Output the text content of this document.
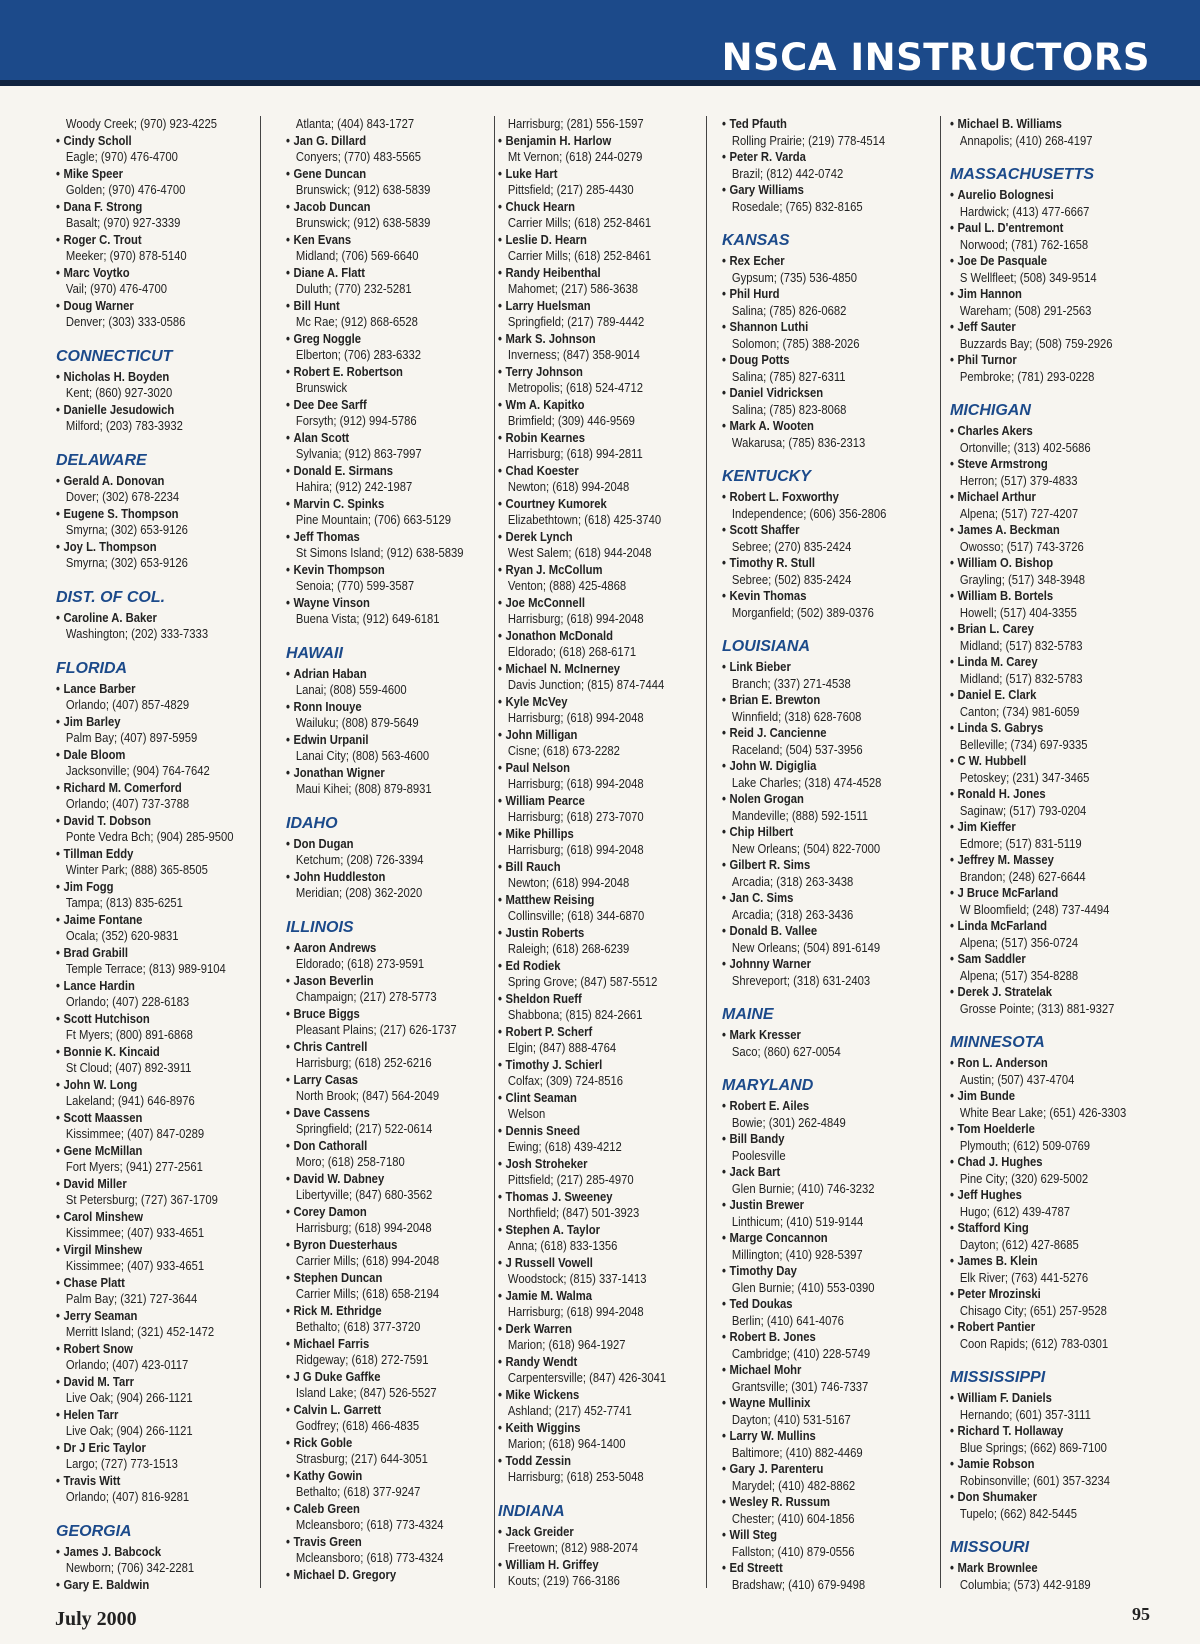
NSCA INSTRUCTORS
Woody Creek; (970) 923-4225
• Cindy Scholl
Eagle; (970) 476-4700
• Mike Speer
Golden; (970) 476-4700
• Dana F. Strong
Basalt; (970) 927-3339
• Roger C. Trout
Meeker; (970) 878-5140
• Marc Voytko
Vail; (970) 476-4700
• Doug Warner
Denver; (303) 333-0586
CONNECTICUT
• Nicholas H. Boyden
Kent; (860) 927-3020
• Danielle Jesudowich
Milford; (203) 783-3932
DELAWARE
• Gerald A. Donovan
Dover; (302) 678-2234
• Eugene S. Thompson
Smyrna; (302) 653-9126
• Joy L. Thompson
Smyrna; (302) 653-9126
DIST. OF COL.
• Caroline A. Baker
Washington; (202) 333-7333
FLORIDA
• Lance Barber
Orlando; (407) 857-4829
• Jim Barley
Palm Bay; (407) 897-5959
• Dale Bloom
Jacksonville; (904) 764-7642
• Richard M. Comerford
Orlando; (407) 737-3788
• David T. Dobson
Ponte Vedra Bch; (904) 285-9500
• Tillman Eddy
Winter Park; (888) 365-8505
• Jim Fogg
Tampa; (813) 835-6251
• Jaime Fontane
Ocala; (352) 620-9831
• Brad Grabill
Temple Terrace; (813) 989-9104
• Lance Hardin
Orlando; (407) 228-6183
• Scott Hutchison
Ft Myers; (800) 891-6868
• Bonnie K. Kincaid
St Cloud; (407) 892-3911
• John W. Long
Lakeland; (941) 646-8976
• Scott Maassen
Kissimmee; (407) 847-0289
• Gene McMillan
Fort Myers; (941) 277-2561
• David Miller
St Petersburg; (727) 367-1709
• Carol Minshew
Kissimmee; (407) 933-4651
• Virgil Minshew
Kissimmee; (407) 933-4651
• Chase Platt
Palm Bay; (321) 727-3644
• Jerry Seaman
Merritt Island; (321) 452-1472
• Robert Snow
Orlando; (407) 423-0117
• David M. Tarr
Live Oak; (904) 266-1121
• Helen Tarr
Live Oak; (904) 266-1121
• Dr J Eric Taylor
Largo; (727) 773-1513
• Travis Witt
Orlando; (407) 816-9281
GEORGIA
• James J. Babcock
Newborn; (706) 342-2281
• Gary E. Baldwin
Atlanta; (404) 843-1727
• Jan G. Dillard
Conyers; (770) 483-5565
• Gene Duncan
Brunswick; (912) 638-5839
• Jacob Duncan
Brunswick; (912) 638-5839
• Ken Evans
Midland; (706) 569-6640
• Diane A. Flatt
Duluth; (770) 232-5281
• Bill Hunt
Mc Rae; (912) 868-6528
• Greg Noggle
Elberton; (706) 283-6332
• Robert E. Robertson
Brunswick
• Dee Dee Sarff
Forsyth; (912) 994-5786
• Alan Scott
Sylvania; (912) 863-7997
• Donald E. Sirmans
Hahira; (912) 242-1987
• Marvin C. Spinks
Pine Mountain; (706) 663-5129
• Jeff Thomas
St Simons Island; (912) 638-5839
• Kevin Thompson
Senoia; (770) 599-3587
• Wayne Vinson
Buena Vista; (912) 649-6181
HAWAII
• Adrian Haban
Lanai; (808) 559-4600
• Ronn Inouye
Wailuku; (808) 879-5649
• Edwin Urpanil
Lanai City; (808) 563-4600
• Jonathan Wigner
Maui Kihei; (808) 879-8931
IDAHO
• Don Dugan
Ketchum; (208) 726-3394
• John Huddleston
Meridian; (208) 362-2020
ILLINOIS
• Aaron Andrews
Eldorado; (618) 273-9591
• Jason Beverlin
Champaign; (217) 278-5773
• Bruce Biggs
Pleasant Plains; (217) 626-1737
• Chris Cantrell
Harrisburg; (618) 252-6216
• Larry Casas
North Brook; (847) 564-2049
• Dave Cassens
Springfield; (217) 522-0614
• Don Cathorall
Moro; (618) 258-7180
• David W. Dabney
Libertyville; (847) 680-3562
• Corey Damon
Harrisburg; (618) 994-2048
• Byron Duesterhaus
Carrier Mills; (618) 994-2048
• Stephen Duncan
Carrier Mills; (618) 658-2194
• Rick M. Ethridge
Bethalto; (618) 377-3720
• Michael Farris
Ridgeway; (618) 272-7591
• J G Duke Gaffke
Island Lake; (847) 526-5527
• Calvin L. Garrett
Godfrey; (618) 466-4835
• Rick Goble
Strasburg; (217) 644-3051
• Kathy Gowin
Bethalto; (618) 377-9247
• Caleb Green
Mcleansboro; (618) 773-4324
• Travis Green
Mcleansboro; (618) 773-4324
• Michael D. Gregory
Harrisburg; (281) 556-1597
• Benjamin H. Harlow
Mt Vernon; (618) 244-0279
• Luke Hart
Pittsfield; (217) 285-4430
• Chuck Hearn
Carrier Mills; (618) 252-8461
• Leslie D. Hearn
Carrier Mills; (618) 252-8461
• Randy Heibenthal
Mahomet; (217) 586-3638
• Larry Huelsman
Springfield; (217) 789-4442
• Mark S. Johnson
Inverness; (847) 358-9014
• Terry Johnson
Metropolis; (618) 524-4712
• Wm A. Kapitko
Brimfield; (309) 446-9569
• Robin Kearnes
Harrisburg; (618) 994-2811
• Chad Koester
Newton; (618) 994-2048
• Courtney Kumorek
Elizabethtown; (618) 425-3740
• Derek Lynch
West Salem; (618) 944-2048
• Ryan J. McCollum
Venton; (888) 425-4868
• Joe McConnell
Harrisburg; (618) 994-2048
• Jonathon McDonald
Eldorado; (618) 268-6171
• Michael N. McInerney
Davis Junction; (815) 874-7444
• Kyle McVey
Harrisburg; (618) 994-2048
• John Milligan
Cisne; (618) 673-2282
• Paul Nelson
Harrisburg; (618) 994-2048
• William Pearce
Harrisburg; (618) 273-7070
• Mike Phillips
Harrisburg; (618) 994-2048
• Bill Rauch
Newton; (618) 994-2048
• Matthew Reising
Collinsville; (618) 344-6870
• Justin Roberts
Raleigh; (618) 268-6239
• Ed Rodiek
Spring Grove; (847) 587-5512
• Sheldon Rueff
Shabbona; (815) 824-2661
• Robert P. Scherf
Elgin; (847) 888-4764
• Timothy J. Schierl
Colfax; (309) 724-8516
• Clint Seaman
Welson
• Dennis Sneed
Ewing; (618) 439-4212
• Josh Stroheker
Pittsfield; (217) 285-4970
• Thomas J. Sweeney
Northfield; (847) 501-3923
• Stephen A. Taylor
Anna; (618) 833-1356
• J Russell Vowell
Woodstock; (815) 337-1413
• Jamie M. Walma
Harrisburg; (618) 994-2048
• Derk Warren
Marion; (618) 964-1927
• Randy Wendt
Carpentersville; (847) 426-3041
• Mike Wickens
Ashland; (217) 452-7741
• Keith Wiggins
Marion; (618) 964-1400
• Todd Zessin
Harrisburg; (618) 253-5048
INDIANA
• Jack Greider
Freetown; (812) 988-2074
• William H. Griffey
Kouts; (219) 766-3186
• Ted Pfauth
Rolling Prairie; (219) 778-4514
• Peter R. Varda
Brazil; (812) 442-0742
• Gary Williams
Rosedale; (765) 832-8165
KANSAS
• Rex Echer
Gypsum; (735) 536-4850
• Phil Hurd
Salina; (785) 826-0682
• Shannon Luthi
Solomon; (785) 388-2026
• Doug Potts
Salina; (785) 827-6311
• Daniel Vidricksen
Salina; (785) 823-8068
• Mark A. Wooten
Wakarusa; (785) 836-2313
KENTUCKY
• Robert L. Foxworthy
Independence; (606) 356-2806
• Scott Shaffer
Sebree; (270) 835-2424
• Timothy R. Stull
Sebree; (502) 835-2424
• Kevin Thomas
Morganfield; (502) 389-0376
LOUISIANA
• Link Bieber
Branch; (337) 271-4538
• Brian E. Brewton
Winnfield; (318) 628-7608
• Reid J. Cancienne
Raceland; (504) 537-3956
• John W. Digiglia
Lake Charles; (318) 474-4528
• Nolen Grogan
Mandeville; (888) 592-1511
• Chip Hilbert
New Orleans; (504) 822-7000
• Gilbert R. Sims
Arcadia; (318) 263-3438
• Jan C. Sims
Arcadia; (318) 263-3436
• Donald B. Vallee
New Orleans; (504) 891-6149
• Johnny Warner
Shreveport; (318) 631-2403
MAINE
• Mark Kresser
Saco; (860) 627-0054
MARYLAND
• Robert E. Ailes
Bowie; (301) 262-4849
• Bill Bandy
Poolesville
• Jack Bart
Glen Burnie; (410) 746-3232
• Justin Brewer
Linthicum; (410) 519-9144
• Marge Concannon
Millington; (410) 928-5397
• Timothy Day
Glen Burnie; (410) 553-0390
• Ted Doukas
Berlin; (410) 641-4076
• Robert B. Jones
Cambridge; (410) 228-5749
• Michael Mohr
Grantsville; (301) 746-7337
• Wayne Mullinix
Dayton; (410) 531-5167
• Larry W. Mullins
Baltimore; (410) 882-4469
• Gary J. Parenteru
Marydel; (410) 482-8862
• Wesley R. Russum
Chester; (410) 604-1856
• Will Steg
Fallston; (410) 879-0556
• Ed Streett
Bradshaw; (410) 679-9498
• Michael B. Williams
Annapolis; (410) 268-4197
MASSACHUSETTS
• Aurelio Bolognesi
Hardwick; (413) 477-6667
• Paul L. D'entremont
Norwood; (781) 762-1658
• Joe De Pasquale
S Wellfleet; (508) 349-9514
• Jim Hannon
Wareham; (508) 291-2563
• Jeff Sauter
Buzzards Bay; (508) 759-2926
• Phil Turnor
Pembroke; (781) 293-0228
MICHIGAN
• Charles Akers
Ortonville; (313) 402-5686
• Steve Armstrong
Herron; (517) 379-4833
• Michael Arthur
Alpena; (517) 727-4207
• James A. Beckman
Owosso; (517) 743-3726
• William O. Bishop
Grayling; (517) 348-3948
• William B. Bortels
Howell; (517) 404-3355
• Brian L. Carey
Midland; (517) 832-5783
• Linda M. Carey
Midland; (517) 832-5783
• Daniel E. Clark
Canton; (734) 981-6059
• Linda S. Gabrys
Belleville; (734) 697-9335
• C W. Hubbell
Petoskey; (231) 347-3465
• Ronald H. Jones
Saginaw; (517) 793-0204
• Jim Kieffer
Edmore; (517) 831-5119
• Jeffrey M. Massey
Brandon; (248) 627-6644
• J Bruce McFarland
W Bloomfield; (248) 737-4494
• Linda McFarland
Alpena; (517) 356-0724
• Sam Saddler
Alpena; (517) 354-8288
• Derek J. Stratelak
Grosse Pointe; (313) 881-9327
MINNESOTA
• Ron L. Anderson
Austin; (507) 437-4704
• Jim Bunde
White Bear Lake; (651) 426-3303
• Tom Hoelderle
Plymouth; (612) 509-0769
• Chad J. Hughes
Pine City; (320) 629-5002
• Jeff Hughes
Hugo; (612) 439-4787
• Stafford King
Dayton; (612) 427-8685
• James B. Klein
Elk River; (763) 441-5276
• Peter Mrozinski
Chisago City; (651) 257-9528
• Robert Pantier
Coon Rapids; (612) 783-0301
MISSISSIPPI
• William F. Daniels
Hernando; (601) 357-3111
• Richard T. Hollaway
Blue Springs; (662) 869-7100
• Jamie Robson
Robinsonville; (601) 357-3234
• Don Shumaker
Tupelo; (662) 842-5445
MISSOURI
• Mark Brownlee
Columbia; (573) 442-9189
July 2000	95
